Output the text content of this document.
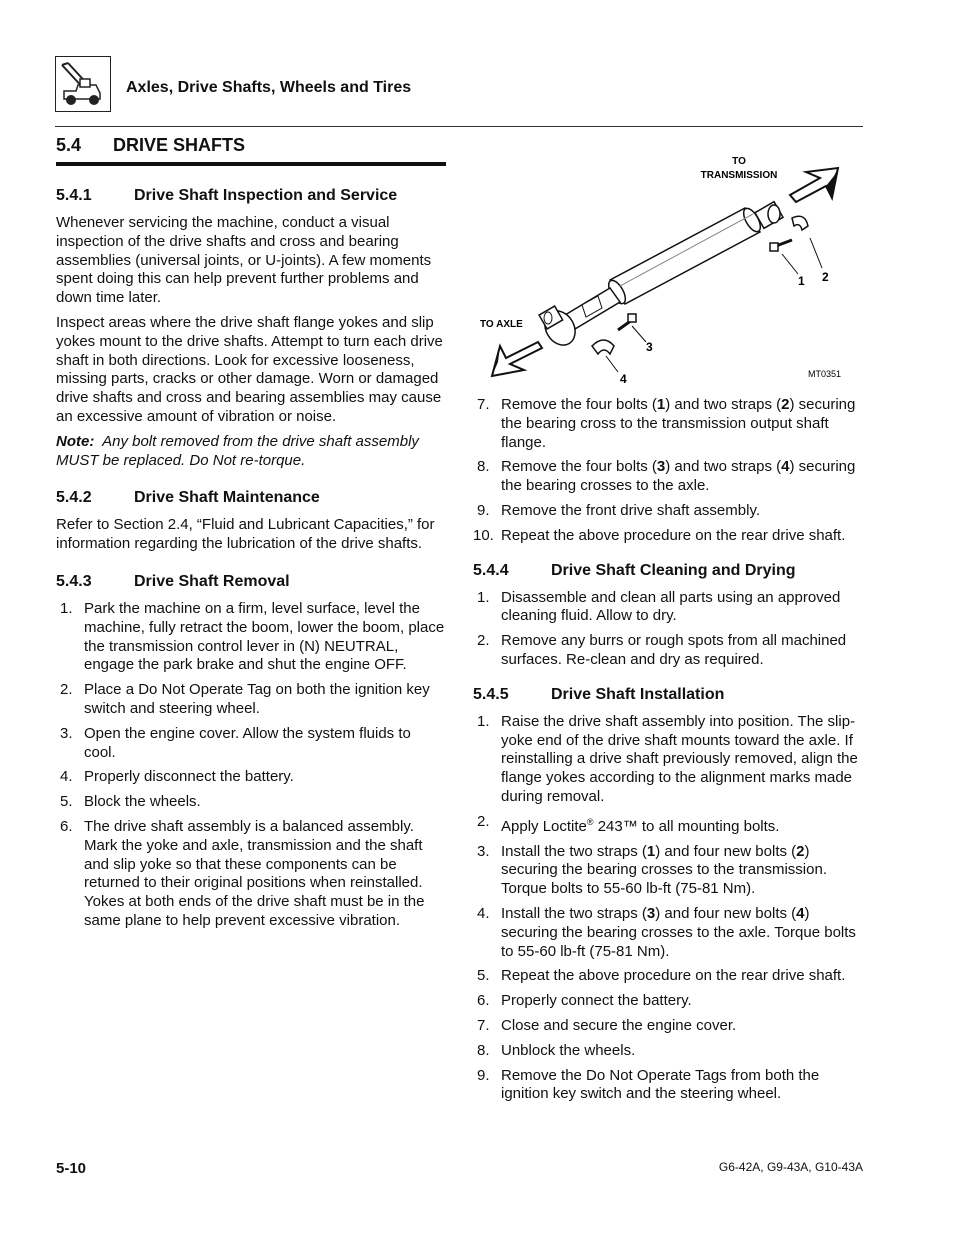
Axles, Drive Shafts, Wheels and Tires
5.4 DRIVE SHAFTS
5.4.1	Drive Shaft Inspection and Service

Whenever servicing the machine, conduct a visual inspection of the drive shafts and cross and bearing assemblies (universal joints, or U-joints). A few moments spent doing this can help prevent further problems and down time later.

Inspect areas where the drive shaft flange yokes and slip yokes mount to the drive shafts. Attempt to turn each drive shaft in both directions. Look for excessive looseness, missing parts, cracks or other damage. Worn or damaged drive shafts and cross and bearing assemblies may cause an excessive amount of vibration or noise.

Note: Any bolt removed from the drive shaft assembly MUST be replaced. Do Not re-torque.

5.4.2	Drive Shaft Maintenance

Refer to Section 2.4, “Fluid and Lubricant Capacities,” for information regarding the lubrication of the drive shafts.

5.4.3	Drive Shaft Removal
1. Park the machine on a firm, level surface, level the machine, fully retract the boom, lower the boom, place the transmission control lever in (N) NEUTRAL, engage the park brake and shut the engine OFF.
2. Place a Do Not Operate Tag on both the ignition key switch and steering wheel.
3. Open the engine cover. Allow the system fluids to cool.
4. Properly disconnect the battery.
5. Block the wheels.
6. The drive shaft assembly is a balanced assembly. Mark the yoke and axle, transmission and the shaft and slip yoke so that these components can be returned to their original positions when reinstalled. Yokes at both ends of the drive shaft must be in the same plane to help prevent excessive vibration.
TO
TRANSMISSION
TO AXLE
1 2
3
4	MT0351
7. Remove the four bolts (1) and two straps (2) securing the bearing cross to the transmission output shaft flange.
8. Remove the four bolts (3) and two straps (4) securing the bearing crosses to the axle.
9. Remove the front drive shaft assembly.
10. Repeat the above procedure on the rear drive shaft.
5.4.4	Drive Shaft Cleaning and Drying
1. Disassemble and clean all parts using an approved cleaning fluid. Allow to dry.
2. Remove any burrs or rough spots from all machined surfaces. Re-clean and dry as required.
5.4.5	Drive Shaft Installation
1. Raise the drive shaft assembly into position. The slip-yoke end of the drive shaft mounts toward the axle. If reinstalling a drive shaft previously removed, align the flange yokes according to the alignment marks made during removal.
2. Apply Loctite® 243™ to all mounting bolts.
3. Install the two straps (1) and four new bolts (2) securing the bearing crosses to the transmission. Torque bolts to 55-60 lb-ft (75-81 Nm).
4. Install the two straps (3) and four new bolts (4) securing the bearing crosses to the axle. Torque bolts to 55-60 lb-ft (75-81 Nm).
5. Repeat the above procedure on the rear drive shaft.
6. Properly connect the battery.
7. Close and secure the engine cover.
8. Unblock the wheels.
9. Remove the Do Not Operate Tags from both the ignition key switch and the steering wheel.
5-10	G6-42A, G9-43A, G10-43A
